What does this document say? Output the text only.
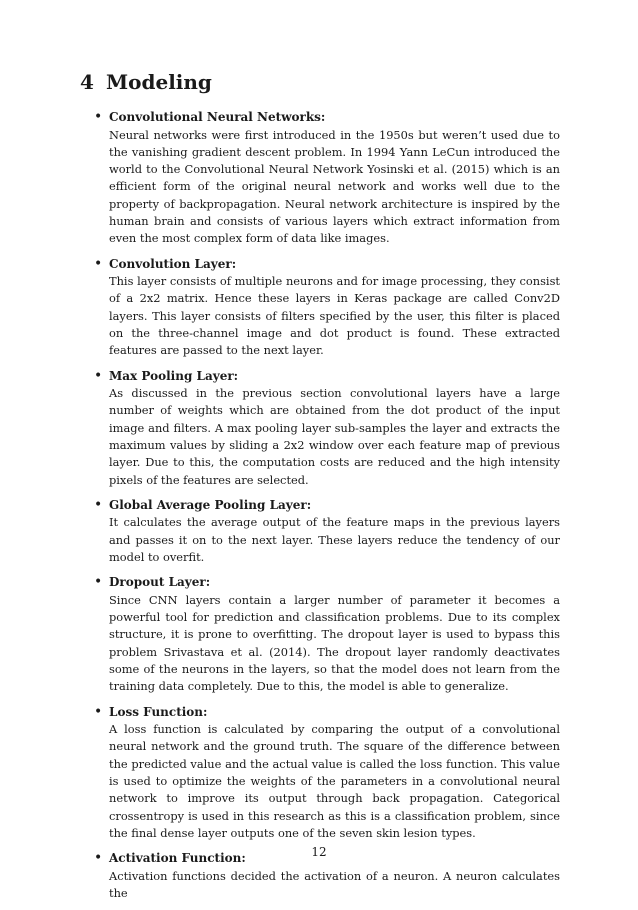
4 Modeling
• Convolutional Neural Networks:
Neural networks were first introduced in the 1950s but weren’t used due to the vanishing gradient descent problem. In 1994 Yann LeCun introduced the world to the Convolutional Neural Network Yosinski et al. (2015) which is an efficient form of the original neural network and works well due to the property of backpropagation. Neural network architecture is inspired by the human brain and consists of various layers which extract information from even the most complex form of data like images.
• Convolution Layer:
This layer consists of multiple neurons and for image processing, they consist of a 2x2 matrix. Hence these layers in Keras package are called Conv2D layers. This layer consists of filters specified by the user, this filter is placed on the three-channel image and dot product is found. These extracted features are passed to the next layer.
• Max Pooling Layer:
As discussed in the previous section convolutional layers have a large number of weights which are obtained from the dot product of the input image and filters. A max pooling layer sub-samples the layer and extracts the maximum values by sliding a 2x2 window over each feature map of previous layer. Due to this, the computation costs are reduced and the high intensity pixels of the features are selected.
• Global Average Pooling Layer:
It calculates the average output of the feature maps in the previous layers and passes it on to the next layer. These layers reduce the tendency of our model to overfit.
• Dropout Layer:
Since CNN layers contain a larger number of parameter it becomes a powerful tool for prediction and classification problems. Due to its complex structure, it is prone to overfitting. The dropout layer is used to bypass this problem Srivastava et al. (2014). The dropout layer randomly deactivates some of the neurons in the layers, so that the model does not learn from the training data completely. Due to this, the model is able to generalize.
• Loss Function:
A loss function is calculated by comparing the output of a convolutional neural network and the ground truth. The square of the difference between the predicted value and the actual value is called the loss function. This value is used to optimize the weights of the parameters in a convolutional neural network to improve its output through back propagation. Categorical crossentropy is used in this research as this is a classification problem, since the final dense layer outputs one of the seven skin lesion types.
• Activation Function:
Activation functions decided the activation of a neuron. A neuron calculates the
12
